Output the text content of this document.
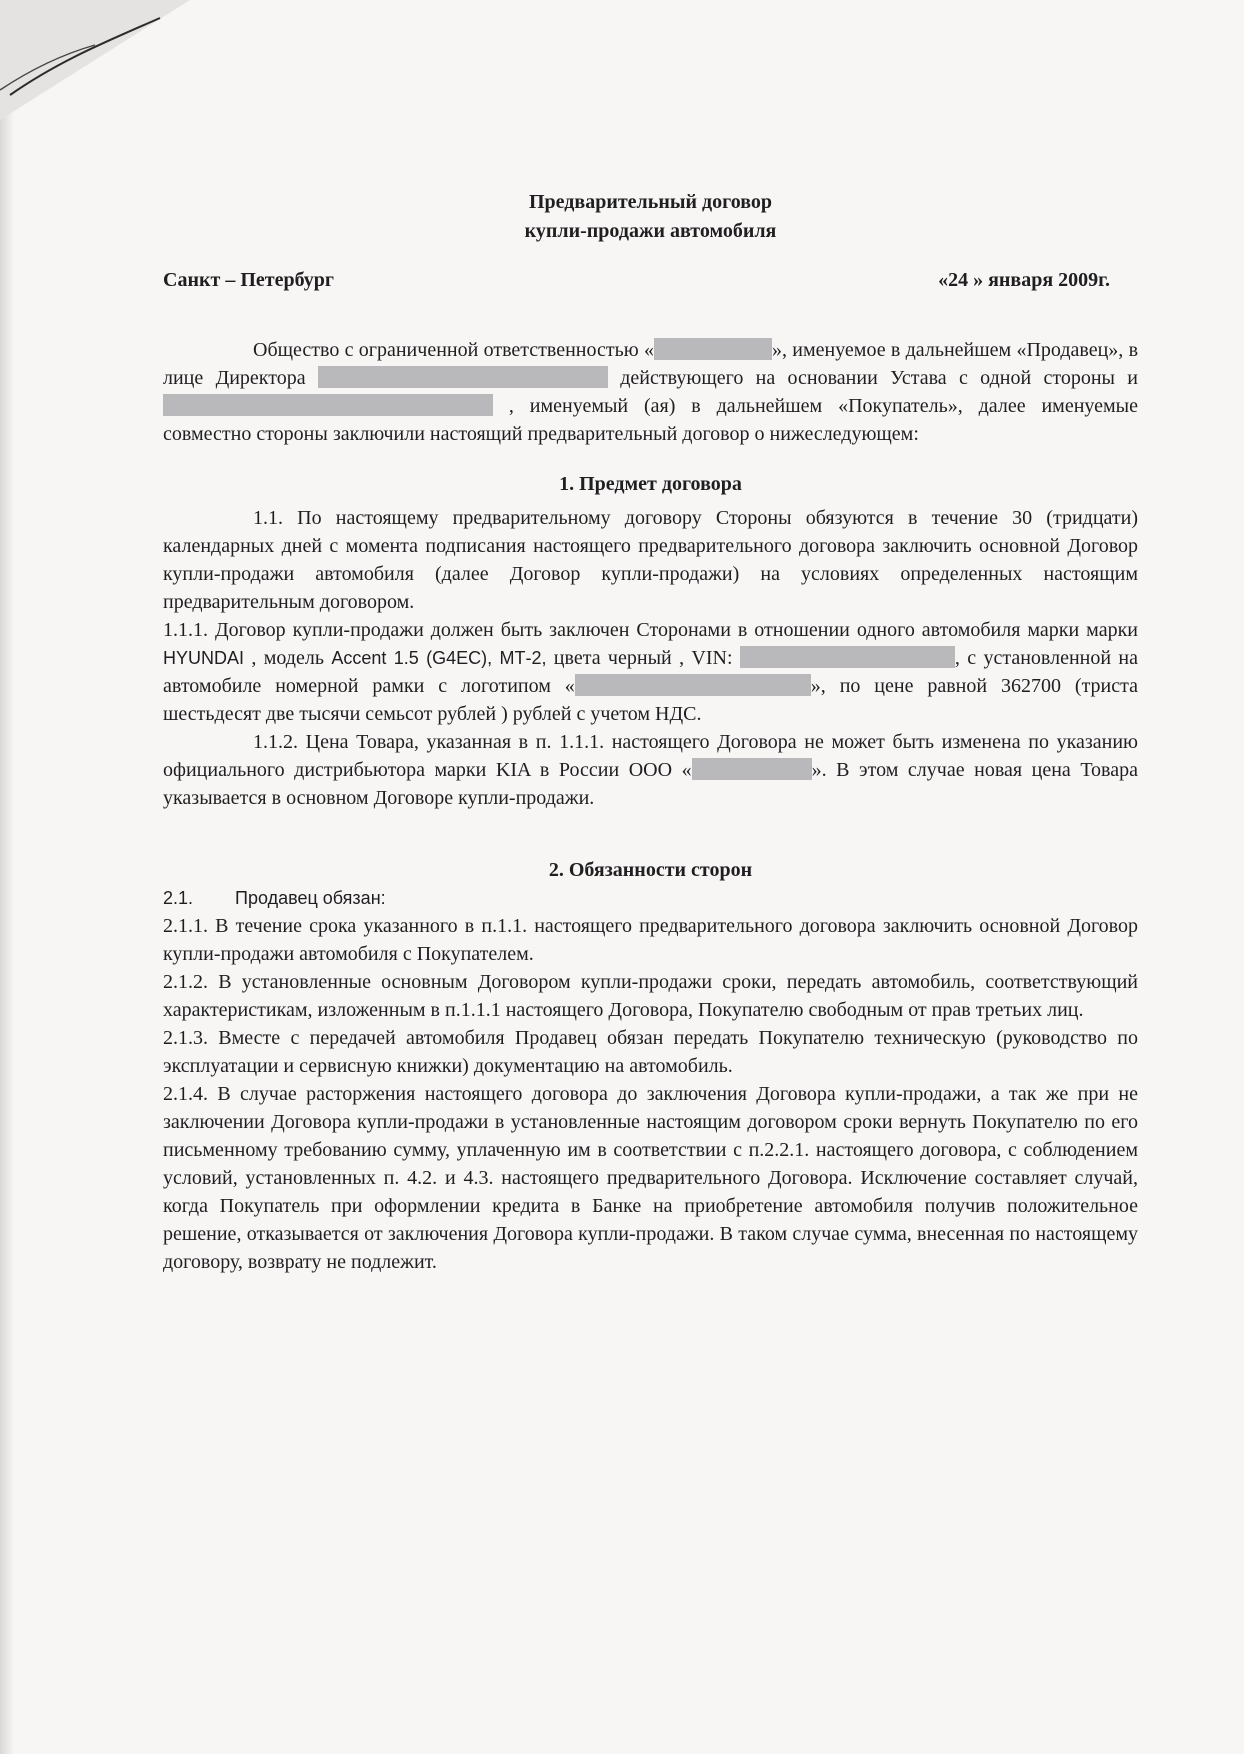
Предварительный договор
купли-продажи автомобиля
Санкт – Петербург	«24 » января 2009г.

Общество с ограниченной ответственностью «	», именуемое в дальнейшем «Продавец», в лице Директора	действующего на основании Устава с одной стороны и  , именуемый (ая) в дальнейшем «Покупатель», далее именуемые совместно стороны заключили настоящий предварительный договор о нижеследующем:

1. Предмет договора

1.1. По настоящему предварительному договору Стороны обязуются в течение 30 (тридцати) календарных дней с момента подписания настоящего предварительного договора заключить основной Договор купли-продажи автомобиля (далее Договор купли-продажи) на условиях определенных настоящим предварительным договором.

1.1.1. Договор купли-продажи должен быть заключен Сторонами в отношении одного автомобиля марки марки HYUNDAI , модель Accent 1.5 (G4EC), МТ-2, цвета черный , VIN:	, с установленной на автомобиле номерной рамки с логотипом «	», по цене равной 362700 (триста шестьдесят две тысячи семьсот рублей ) рублей с учетом НДС.

1.1.2. Цена Товара, указанная в п. 1.1.1. настоящего Договора не может быть изменена по указанию официального дистрибьютора марки KIA в России ООО «	». В этом случае новая цена Товара указывается в основном Договоре купли-продажи.

2. Обязанности сторон
2.1.	Продавец обязан:

2.1.1. В течение срока указанного в п.1.1. настоящего предварительного договора заключить основной Договор купли-продажи автомобиля с Покупателем.

2.1.2. В установленные основным Договором купли-продажи сроки, передать автомобиль, соответствующий характеристикам, изложенным в п.1.1.1 настоящего Договора, Покупателю свободным от прав третьих лиц.

2.1.3. Вместе с передачей автомобиля Продавец обязан передать Покупателю техническую (руководство по эксплуатации и сервисную книжки) документацию на автомобиль.

2.1.4. В случае расторжения настоящего договора до заключения Договора купли-продажи, а так же при не заключении Договора купли-продажи в установленные настоящим договором сроки вернуть Покупателю по его письменному требованию сумму, уплаченную им в соответствии с п.2.2.1. настоящего договора, с соблюдением условий, установленных п. 4.2. и 4.3. настоящего предварительного Договора. Исключение составляет случай, когда Покупатель при оформлении кредита в Банке на приобретение автомобиля получив положительное решение, отказывается от заключения Договора купли-продажи. В таком случае сумма, внесенная по настоящему договору, возврату не подлежит.
